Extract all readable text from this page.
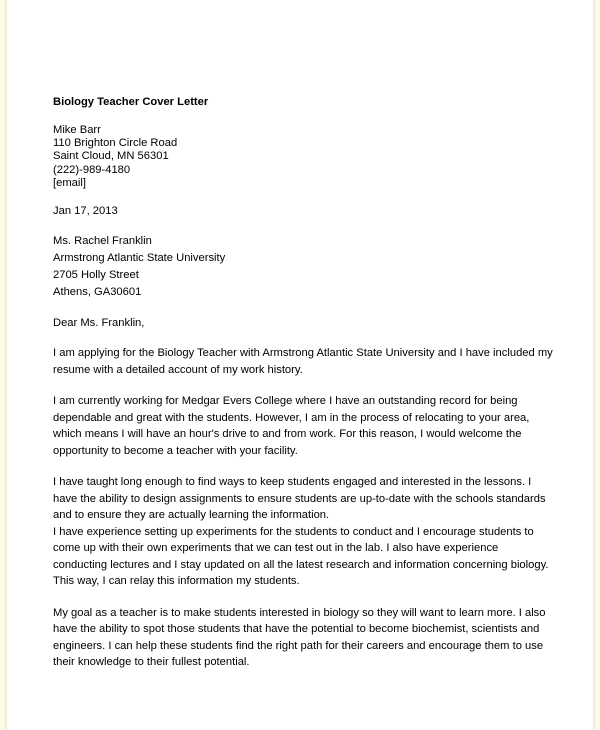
Biology Teacher Cover Letter
Mike Barr
110 Brighton Circle Road
Saint Cloud, MN 56301
(222)-989-4180
[email]
Jan 17, 2013
Ms. Rachel Franklin
Armstrong Atlantic State University
2705 Holly Street
Athens, GA30601
Dear Ms. Franklin,

I am applying for the Biology Teacher with Armstrong Atlantic State University and I have included my resume with a detailed account of my work history.

I am currently working for Medgar Evers College where I have an outstanding record for being dependable and great with the students. However, I am in the process of relocating to your area, which means I will have an hour's drive to and from work. For this reason, I would welcome the opportunity to become a teacher with your facility.

I have taught long enough to find ways to keep students engaged and interested in the lessons. I have the ability to design assignments to ensure students are up-to-date with the schools standards and to ensure they are actually learning the information.

I have experience setting up experiments for the students to conduct and I encourage students to come up with their own experiments that we can test out in the lab. I also have experience conducting lectures and I stay updated on all the latest research and information concerning biology. This way, I can relay this information my students.

My goal as a teacher is to make students interested in biology so they will want to learn more. I also have the ability to spot those students that have the potential to become biochemist, scientists and engineers. I can help these students find the right path for their careers and encourage them to use their knowledge to their fullest potential.
